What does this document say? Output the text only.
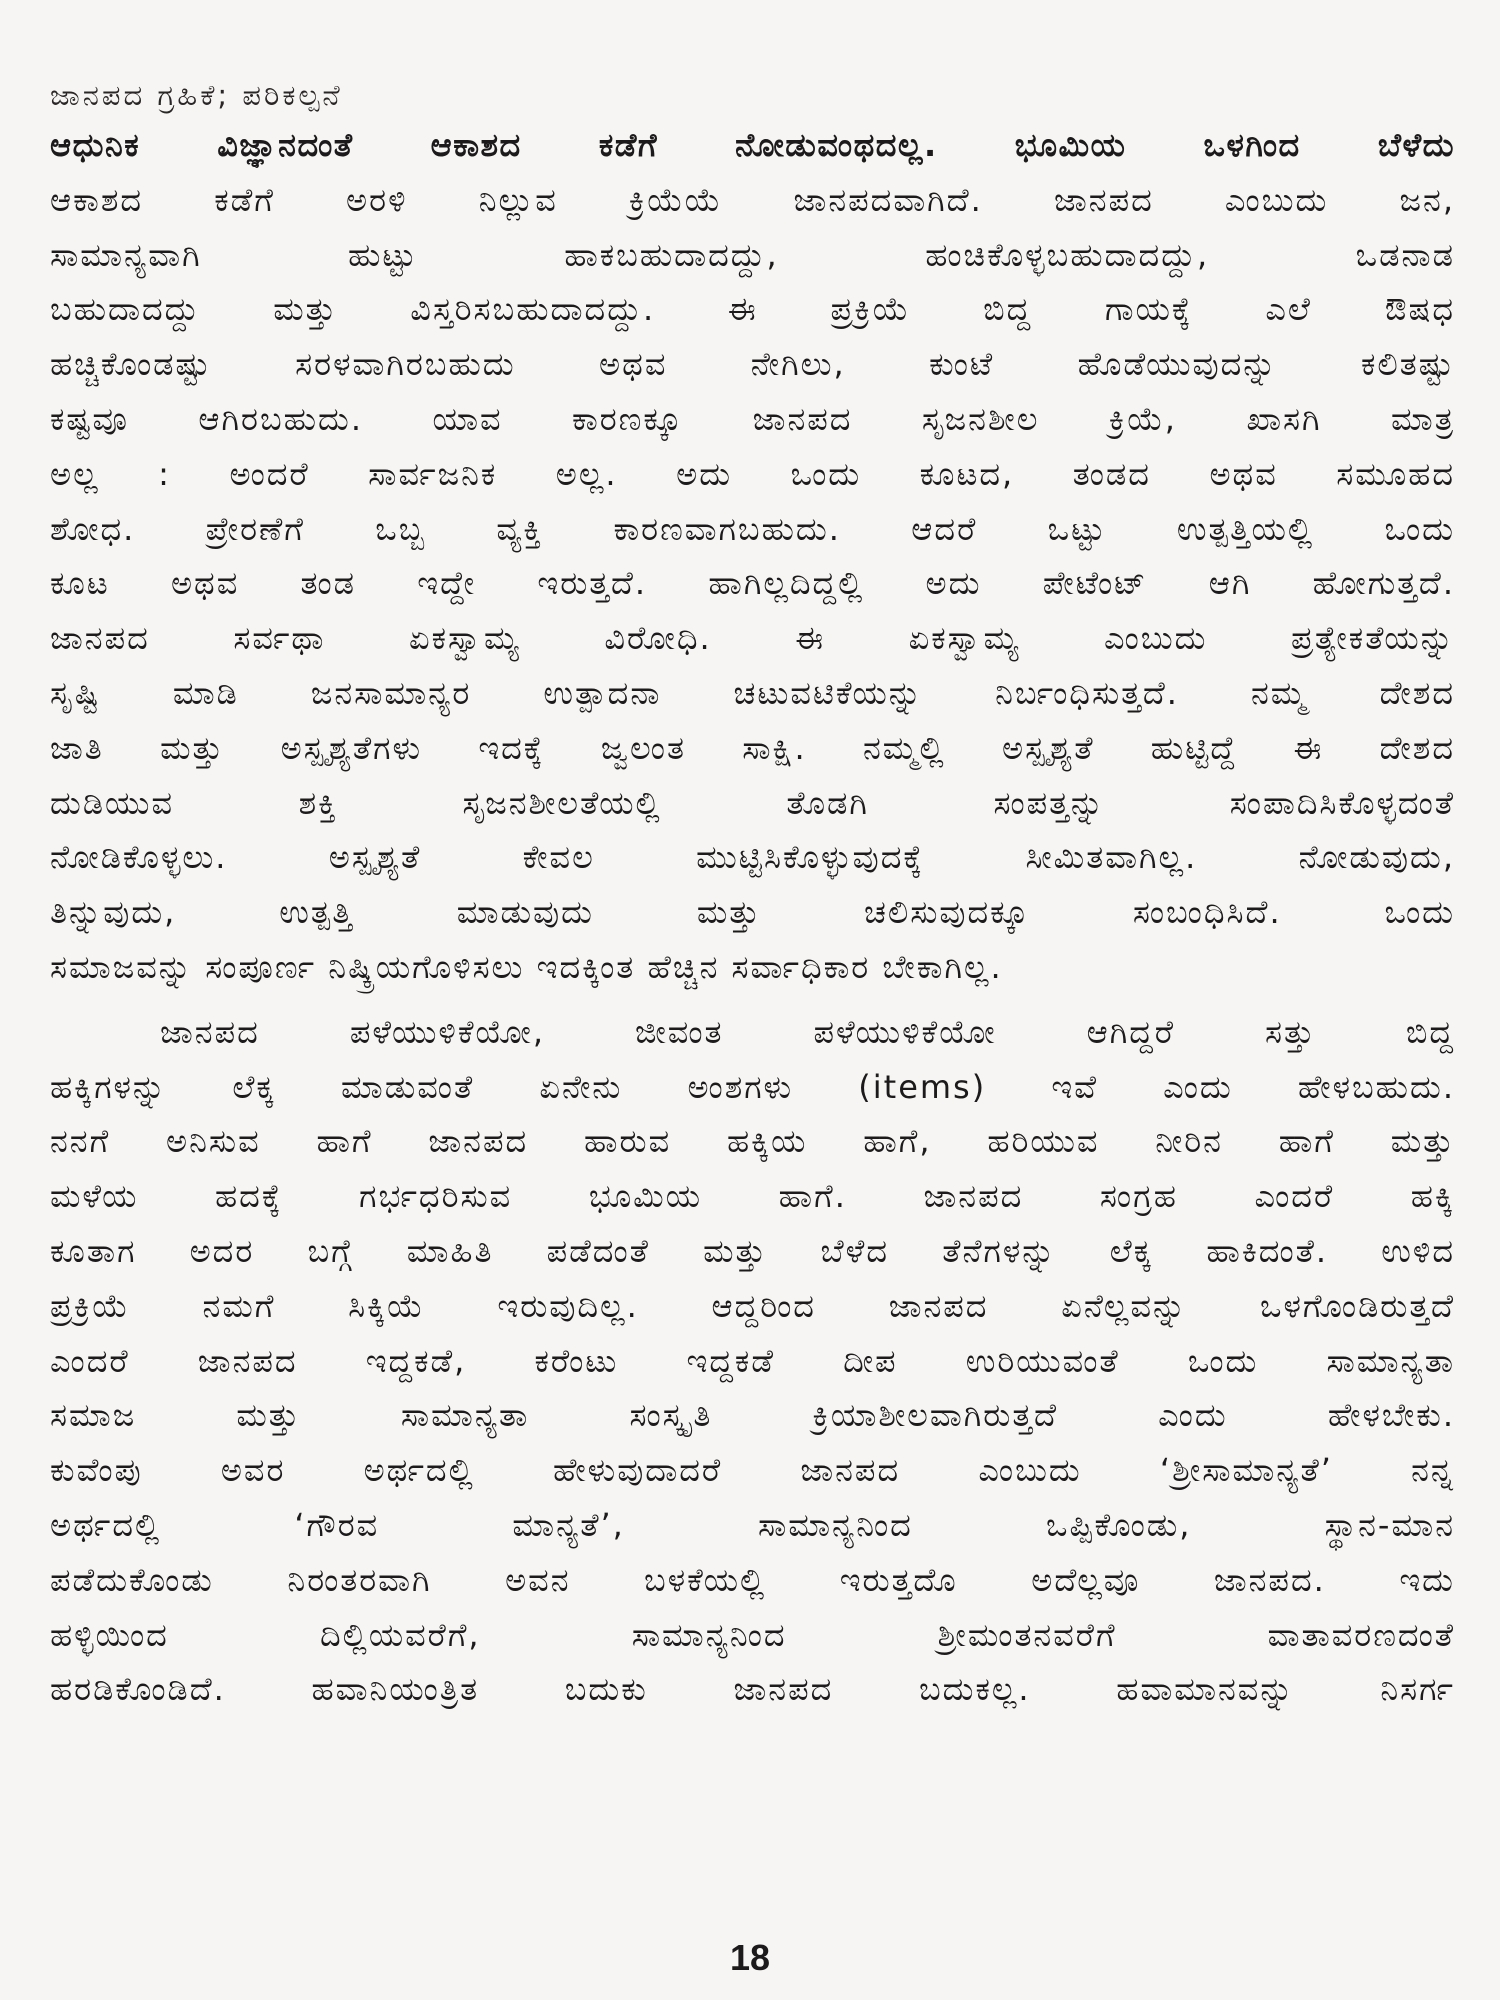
ಜಾನಪದ ಗ್ರಹಿಕೆ; ಪರಿಕಲ್ಪನೆ
ಆಧುನಿಕ ವಿಜ್ಞಾನದಂತೆ ಆಕಾಶದ ಕಡೆಗೆ ನೋಡುವಂಥದಲ್ಲ. ಭೂಮಿಯ ಒಳಗಿಂದ ಬೆಳೆದು
ಆಕಾಶದ ಕಡೆಗೆ ಅರಳಿ ನಿಲ್ಲುವ ಕ್ರಿಯೆಯೆ ಜಾನಪದವಾಗಿದೆ. ಜಾನಪದ ಎಂಬುದು ಜನ,
ಸಾಮಾನ್ಯವಾಗಿ ಹುಟ್ಟು ಹಾಕಬಹುದಾದದ್ದು, ಹಂಚಿಕೊಳ್ಳಬಹುದಾದದ್ದು, ಒಡನಾಡ
ಬಹುದಾದದ್ದು ಮತ್ತು ವಿಸ್ತರಿಸಬಹುದಾದದ್ದು. ಈ ಪ್ರಕ್ರಿಯೆ ಬಿದ್ದ ಗಾಯಕ್ಕೆ ಎಲೆ ಔಷಧ
ಹಚ್ಚಿಕೊಂಡಷ್ಟು ಸರಳವಾಗಿರಬಹುದು ಅಥವ ನೇಗಿಲು, ಕುಂಟೆ ಹೊಡೆಯುವುದನ್ನು ಕಲಿತಷ್ಟು
ಕಷ್ಟವೂ ಆಗಿರಬಹುದು. ಯಾವ ಕಾರಣಕ್ಕೂ ಜಾನಪದ ಸೃಜನಶೀಲ ಕ್ರಿಯೆ, ಖಾಸಗಿ ಮಾತ್ರ
ಅಲ್ಲ : ಅಂದರೆ ಸಾರ್ವಜನಿಕ ಅಲ್ಲ. ಅದು ಒಂದು ಕೂಟದ, ತಂಡದ ಅಥವ ಸಮೂಹದ
ಶೋಧ. ಪ್ರೇರಣೆಗೆ ಒಬ್ಬ ವ್ಯಕ್ತಿ ಕಾರಣವಾಗಬಹುದು. ಆದರೆ ಒಟ್ಟು ಉತ್ಪತ್ತಿಯಲ್ಲಿ ಒಂದು
ಕೂಟ ಅಥವ ತಂಡ ಇದ್ದೇ ಇರುತ್ತದೆ. ಹಾಗಿಲ್ಲದಿದ್ದಲ್ಲಿ ಅದು ಪೇಟೆಂಟ್ ಆಗಿ ಹೋಗುತ್ತದೆ.
ಜಾನಪದ ಸರ್ವಥಾ ಏಕಸ್ವಾಮ್ಯ ವಿರೋಧಿ. ಈ ಏಕಸ್ವಾಮ್ಯ ಎಂಬುದು ಪ್ರತ್ಯೇಕತೆಯನ್ನು
ಸೃಷ್ಟಿ ಮಾಡಿ ಜನಸಾಮಾನ್ಯರ ಉತ್ಪಾದನಾ ಚಟುವಟಿಕೆಯನ್ನು ನಿರ್ಬಂಧಿಸುತ್ತದೆ. ನಮ್ಮ ದೇಶದ
ಜಾತಿ ಮತ್ತು ಅಸ್ಪೃಶ್ಯತೆಗಳು ಇದಕ್ಕೆ ಜ್ವಲಂತ ಸಾಕ್ಷಿ. ನಮ್ಮಲ್ಲಿ ಅಸ್ಪೃಶ್ಯತೆ ಹುಟ್ಟಿದ್ದೆ ಈ ದೇಶದ
ದುಡಿಯುವ ಶಕ್ತಿ ಸೃಜನಶೀಲತೆಯಲ್ಲಿ ತೊಡಗಿ ಸಂಪತ್ತನ್ನು ಸಂಪಾದಿಸಿಕೊಳ್ಳದಂತೆ
ನೋಡಿಕೊಳ್ಳಲು. ಅಸ್ಪೃಶ್ಯತೆ ಕೇವಲ ಮುಟ್ಟಿಸಿಕೊಳ್ಳುವುದಕ್ಕೆ ಸೀಮಿತವಾಗಿಲ್ಲ. ನೋಡುವುದು,
ತಿನ್ನುವುದು, ಉತ್ಪತ್ತಿ ಮಾಡುವುದು ಮತ್ತು ಚಲಿಸುವುದಕ್ಕೂ ಸಂಬಂಧಿಸಿದೆ. ಒಂದು
ಸಮಾಜವನ್ನು ಸಂಪೂರ್ಣ ನಿಷ್ಕ್ರಿಯಗೊಳಿಸಲು ಇದಕ್ಕಿಂತ ಹೆಚ್ಚಿನ ಸರ್ವಾಧಿಕಾರ ಬೇಕಾಗಿಲ್ಲ.
ಜಾನಪದ ಪಳೆಯುಳಿಕೆಯೋ, ಜೀವಂತ ಪಳೆಯುಳಿಕೆಯೋ ಆಗಿದ್ದರೆ ಸತ್ತು ಬಿದ್ದ
ಹಕ್ಕಿಗಳನ್ನು ಲೆಕ್ಕ ಮಾಡುವಂತೆ ಏನೇನು ಅಂಶಗಳು (items) ಇವೆ ಎಂದು ಹೇಳಬಹುದು.
ನನಗೆ ಅನಿಸುವ ಹಾಗೆ ಜಾನಪದ ಹಾರುವ ಹಕ್ಕಿಯ ಹಾಗೆ, ಹರಿಯುವ ನೀರಿನ ಹಾಗೆ ಮತ್ತು
ಮಳೆಯ ಹದಕ್ಕೆ ಗರ್ಭಧರಿಸುವ ಭೂಮಿಯ ಹಾಗೆ. ಜಾನಪದ ಸಂಗ್ರಹ ಎಂದರೆ ಹಕ್ಕಿ
ಕೂತಾಗ ಅದರ ಬಗ್ಗೆ ಮಾಹಿತಿ ಪಡೆದಂತೆ ಮತ್ತು ಬೆಳೆದ ತೆನೆಗಳನ್ನು ಲೆಕ್ಕ ಹಾಕಿದಂತೆ. ಉಳಿದ
ಪ್ರಕ್ರಿಯೆ ನಮಗೆ ಸಿಕ್ಕಿಯೆ ಇರುವುದಿಲ್ಲ. ಆದ್ದರಿಂದ ಜಾನಪದ ಏನೆಲ್ಲವನ್ನು ಒಳಗೊಂಡಿರುತ್ತದೆ
ಎಂದರೆ ಜಾನಪದ ಇದ್ದಕಡೆ, ಕರೆಂಟು ಇದ್ದಕಡೆ ದೀಪ ಉರಿಯುವಂತೆ ಒಂದು ಸಾಮಾನ್ಯತಾ
ಸಮಾಜ ಮತ್ತು ಸಾಮಾನ್ಯತಾ ಸಂಸ್ಕೃತಿ ಕ್ರಿಯಾಶೀಲವಾಗಿರುತ್ತದೆ ಎಂದು ಹೇಳಬೇಕು.
ಕುವೆಂಪು ಅವರ ಅರ್ಥದಲ್ಲಿ ಹೇಳುವುದಾದರೆ ಜಾನಪದ ಎಂಬುದು ‘ಶ್ರೀಸಾಮಾನ್ಯತೆ’ ನನ್ನ
ಅರ್ಥದಲ್ಲಿ ‘ಗೌರವ ಮಾನ್ಯತೆ’, ಸಾಮಾನ್ಯನಿಂದ ಒಪ್ಪಿಕೊಂಡು, ಸ್ಥಾನ-ಮಾನ
ಪಡೆದುಕೊಂಡು ನಿರಂತರವಾಗಿ ಅವನ ಬಳಕೆಯಲ್ಲಿ ಇರುತ್ತದೊ ಅದೆಲ್ಲವೂ ಜಾನಪದ. ಇದು
ಹಳ್ಳಿಯಿಂದ ದಿಲ್ಲಿಯವರೆಗೆ, ಸಾಮಾನ್ಯನಿಂದ ಶ್ರೀಮಂತನವರೆಗೆ ವಾತಾವರಣದಂತೆ
ಹರಡಿಕೊಂಡಿದೆ. ಹವಾನಿಯಂತ್ರಿತ ಬದುಕು ಜಾನಪದ ಬದುಕಲ್ಲ. ಹವಾಮಾನವನ್ನು ನಿಸರ್ಗ
18
